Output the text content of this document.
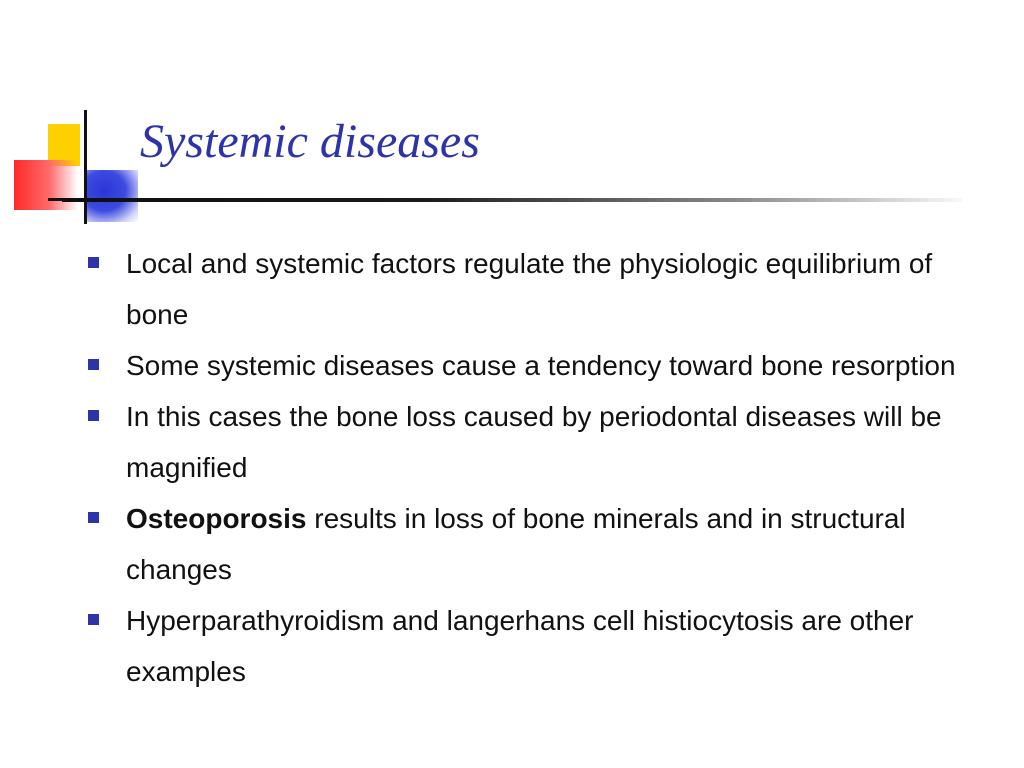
Systemic diseases
Local and systemic factors regulate the physiologic equilibrium of bone
Some systemic diseases cause a tendency toward bone resorption
In this cases the bone loss caused by periodontal diseases will be magnified
Osteoporosis results in loss of bone minerals and in structural changes
Hyperparathyroidism and langerhans cell histiocytosis are other examples
